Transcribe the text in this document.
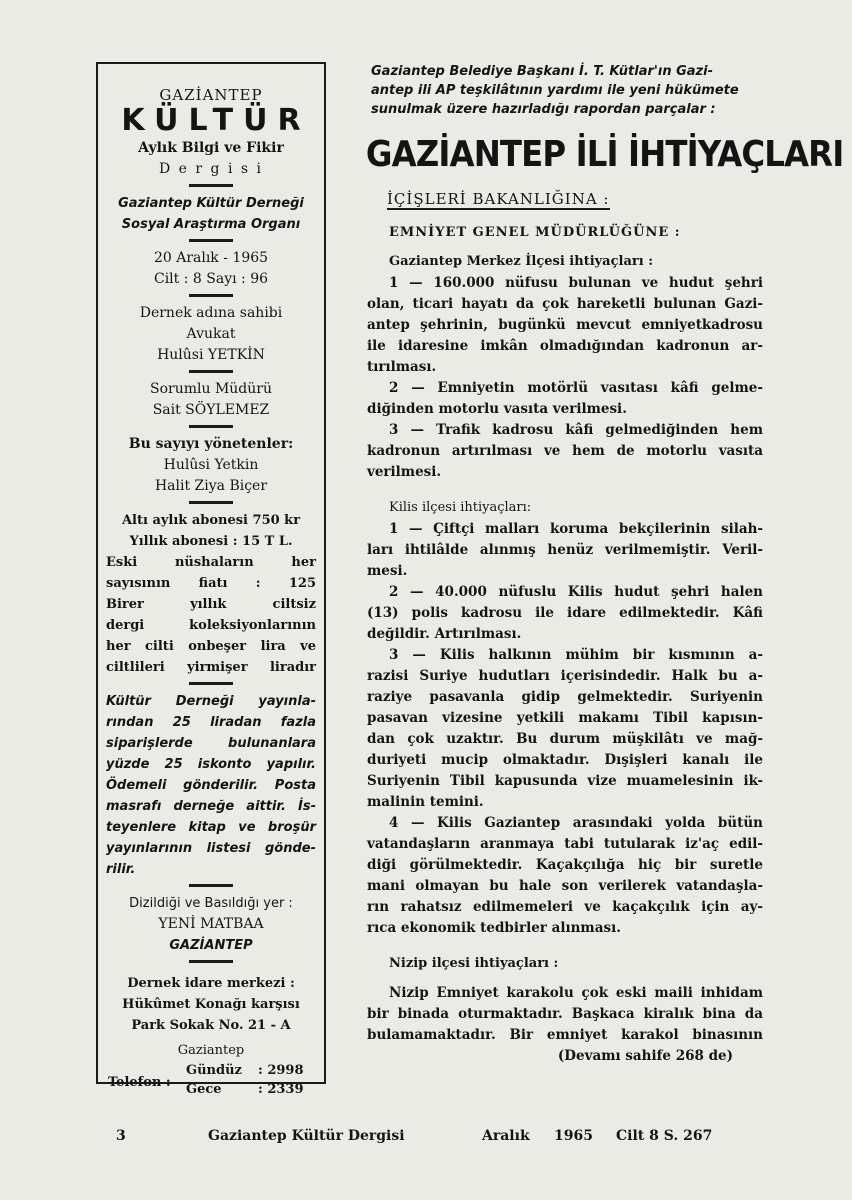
GAZİANTEP
KÜLTÜR
Aylık Bilgi ve Fikir
D e r g i s i
Gaziantep Kültür Derneği
Sosyal Araştırma Organı
20 Aralık - 1965
Cilt : 8 Sayı : 96
Dernek adına sahibi
Avukat
Hulûsi YETKİN
Sorumlu Müdürü
Sait SÖYLEMEZ
Bu sayıyı yönetenler:
Hulûsi Yetkin
Halit Ziya Biçer
Altı aylık abonesi 750 kr
Yıllık abonesi : 15 T L.
Eski nüshaların her
sayısının fiatı : 125
Birer yıllık ciltsiz
dergi koleksiyonlarının
her cilti onbeşer lira ve
ciltlileri yirmişer liradır
Kültür Derneği yayınla-
rından 25 liradan fazla
siparişlerde bulunanlara
yüzde 25 iskonto yapılır.
Ödemeli gönderilir. Posta
masrafı derneğe aittir. İs-
teyenlere kitap ve broşür
yayınlarının listesi gönde-
rilir.
Dizildiği ve Basıldığı yer :
YENİ MATBAA
GAZİANTEP
Dernek idare merkezi :
Hükûmet Konağı karşısı
Park Sokak No. 21 - A
Gaziantep
Telefon :
Gündüz : 2998
Gece	: 2339
Gaziantep Belediye Başkanı İ. T. Kütlar'ın Gazi-
antep ili AP teşkilâtının yardımı ile yeni hükümete
sunulmak üzere hazırladığı rapordan parçalar :
GAZİANTEP İLİ İHTİYAÇLARI
İÇİŞLERİ BAKANLIĞINA :
EMNİYET GENEL MÜDÜRLÜĞÜNE :
Gaziantep Merkez İlçesi ihtiyaçları :
1 — 160.000 nüfusu bulunan ve hudut şehri
olan, ticari hayatı da çok hareketli bulunan Gazi-
antep şehrinin, bugünkü mevcut emniyetkadrosu
ile idaresine imkân olmadığından kadronun ar-
tırılması.
2 — Emniyetin motörlü vasıtası kâfi gelme-
diğinden motorlu vasıta verilmesi.
3 — Trafik kadrosu kâfi gelmediğinden hem
kadronun artırılması ve hem de motorlu vasıta
verilmesi.
Kilis ilçesi ihtiyaçları:
1 — Çiftçi malları koruma bekçilerinin silah-
ları ihtilâlde alınmış henüz verilmemiştir. Veril-
mesi.
2 — 40.000 nüfuslu Kilis hudut şehri halen
(13) polis kadrosu ile idare edilmektedir. Kâfi
değildir. Artırılması.
3 — Kilis halkının mühim bir kısmının a-
razisi Suriye hudutları içerisindedir. Halk bu a-
raziye pasavanla gidip gelmektedir. Suriyenin
pasavan vizesine yetkili makamı Tibil kapısın-
dan çok uzaktır. Bu durum müşkilâtı ve mağ-
duriyeti mucip olmaktadır. Dışişleri kanalı ile
Suriyenin Tibil kapusunda vize muamelesinin ik-
malinin temini.
4 — Kilis Gaziantep arasındaki yolda bütün
vatandaşların aranmaya tabi tutularak iz'aç edil-
diği görülmektedir. Kaçakçılığa hiç bir suretle
mani olmayan bu hale son verilerek vatandaşla-
rın rahatsız edilmemeleri ve kaçakçılık için ay-
rıca ekonomik tedbirler alınması.
Nizip ilçesi ihtiyaçları :
Nizip Emniyet karakolu çok eski maili inhidam
bir binada oturmaktadır. Başkaca kiralık bina da
bulamamaktadır. Bir emniyet karakol binasının
(Devamı sahife 268 de)
3	Gaziantep Kültür Dergisi	Aralık 1965 Cilt 8 S. 267
